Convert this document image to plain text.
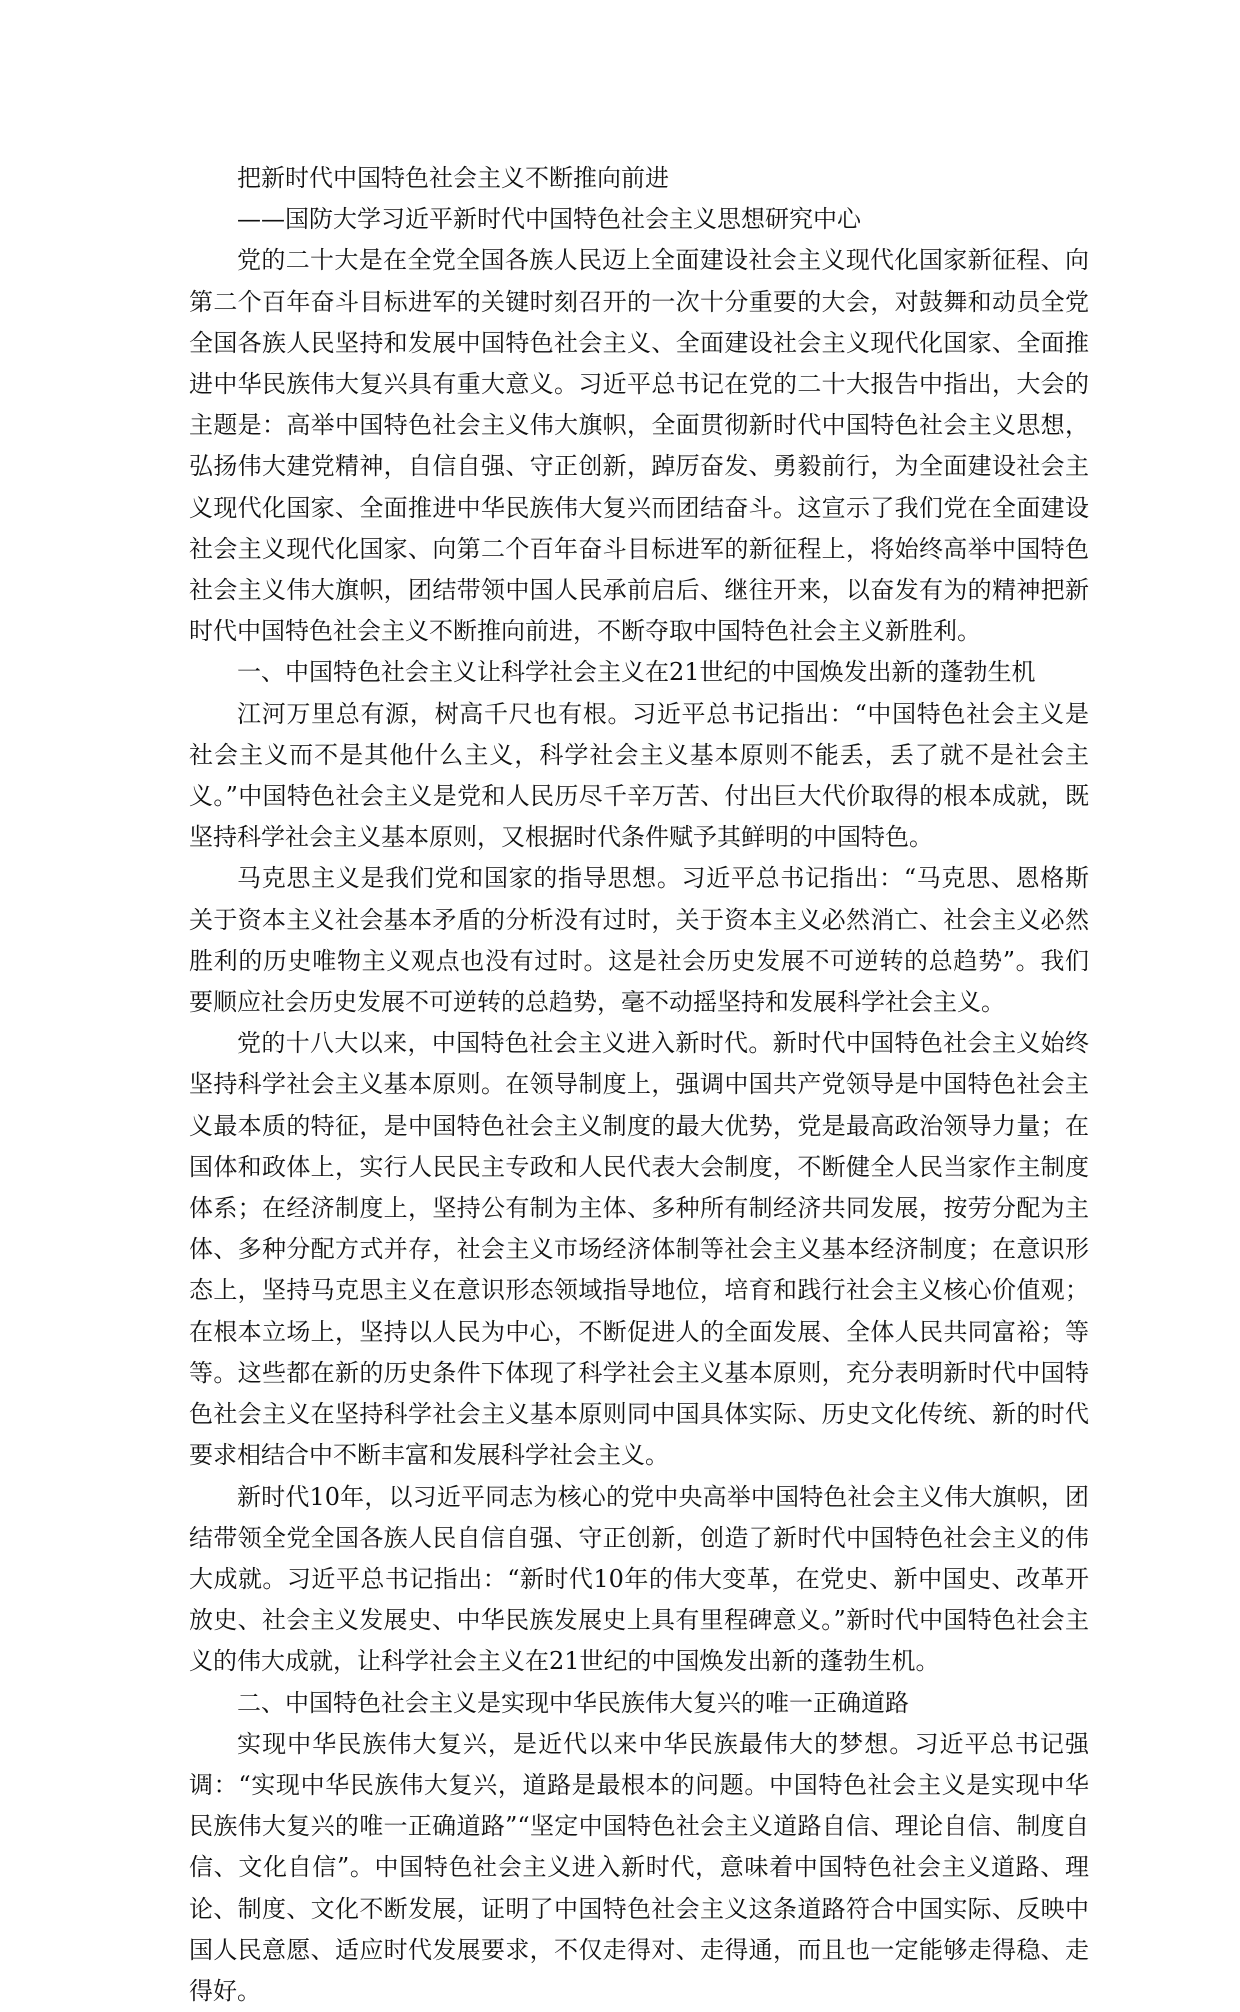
把新时代中国特色社会主义不断推向前进

——国防大学习近平新时代中国特色社会主义思想研究中心

党的二十大是在全党全国各族人民迈上全面建设社会主义现代化国家新征程、向第二个百年奋斗目标进军的关键时刻召开的一次十分重要的大会，对鼓舞和动员全党全国各族人民坚持和发展中国特色社会主义、全面建设社会主义现代化国家、全面推进中华民族伟大复兴具有重大意义。习近平总书记在党的二十大报告中指出，大会的主题是：高举中国特色社会主义伟大旗帜，全面贯彻新时代中国特色社会主义思想，弘扬伟大建党精神，自信自强、守正创新，踔厉奋发、勇毅前行，为全面建设社会主义现代化国家、全面推进中华民族伟大复兴而团结奋斗。这宣示了我们党在全面建设社会主义现代化国家、向第二个百年奋斗目标进军的新征程上，将始终高举中国特色社会主义伟大旗帜，团结带领中国人民承前启后、继往开来，以奋发有为的精神把新时代中国特色社会主义不断推向前进，不断夺取中国特色社会主义新胜利。

一、中国特色社会主义让科学社会主义在21世纪的中国焕发出新的蓬勃生机

江河万里总有源，树高千尺也有根。习近平总书记指出：“中国特色社会主义是社会主义而不是其他什么主义，科学社会主义基本原则不能丢，丢了就不是社会主义。”中国特色社会主义是党和人民历尽千辛万苦、付出巨大代价取得的根本成就，既坚持科学社会主义基本原则，又根据时代条件赋予其鲜明的中国特色。

马克思主义是我们党和国家的指导思想。习近平总书记指出：“马克思、恩格斯关于资本主义社会基本矛盾的分析没有过时，关于资本主义必然消亡、社会主义必然胜利的历史唯物主义观点也没有过时。这是社会历史发展不可逆转的总趋势”。我们要顺应社会历史发展不可逆转的总趋势，毫不动摇坚持和发展科学社会主义。

党的十八大以来，中国特色社会主义进入新时代。新时代中国特色社会主义始终坚持科学社会主义基本原则。在领导制度上，强调中国共产党领导是中国特色社会主义最本质的特征，是中国特色社会主义制度的最大优势，党是最高政治领导力量；在国体和政体上，实行人民民主专政和人民代表大会制度，不断健全人民当家作主制度体系；在经济制度上，坚持公有制为主体、多种所有制经济共同发展，按劳分配为主体、多种分配方式并存，社会主义市场经济体制等社会主义基本经济制度；在意识形态上，坚持马克思主义在意识形态领域指导地位，培育和践行社会主义核心价值观；在根本立场上，坚持以人民为中心，不断促进人的全面发展、全体人民共同富裕；等等。这些都在新的历史条件下体现了科学社会主义基本原则，充分表明新时代中国特色社会主义在坚持科学社会主义基本原则同中国具体实际、历史文化传统、新的时代要求相结合中不断丰富和发展科学社会主义。

新时代10年，以习近平同志为核心的党中央高举中国特色社会主义伟大旗帜，团结带领全党全国各族人民自信自强、守正创新，创造了新时代中国特色社会主义的伟大成就。习近平总书记指出：“新时代10年的伟大变革，在党史、新中国史、改革开放史、社会主义发展史、中华民族发展史上具有里程碑意义。”新时代中国特色社会主义的伟大成就，让科学社会主义在21世纪的中国焕发出新的蓬勃生机。

二、中国特色社会主义是实现中华民族伟大复兴的唯一正确道路

实现中华民族伟大复兴，是近代以来中华民族最伟大的梦想。习近平总书记强调：“实现中华民族伟大复兴，道路是最根本的问题。中国特色社会主义是实现中华民族伟大复兴的唯一正确道路”“坚定中国特色社会主义道路自信、理论自信、制度自信、文化自信”。中国特色社会主义进入新时代，意味着中国特色社会主义道路、理论、制度、文化不断发展，证明了中国特色社会主义这条道路符合中国实际、反映中国人民意愿、适应时代发展要求，不仅走得对、走得通，而且也一定能够走得稳、走得好。
